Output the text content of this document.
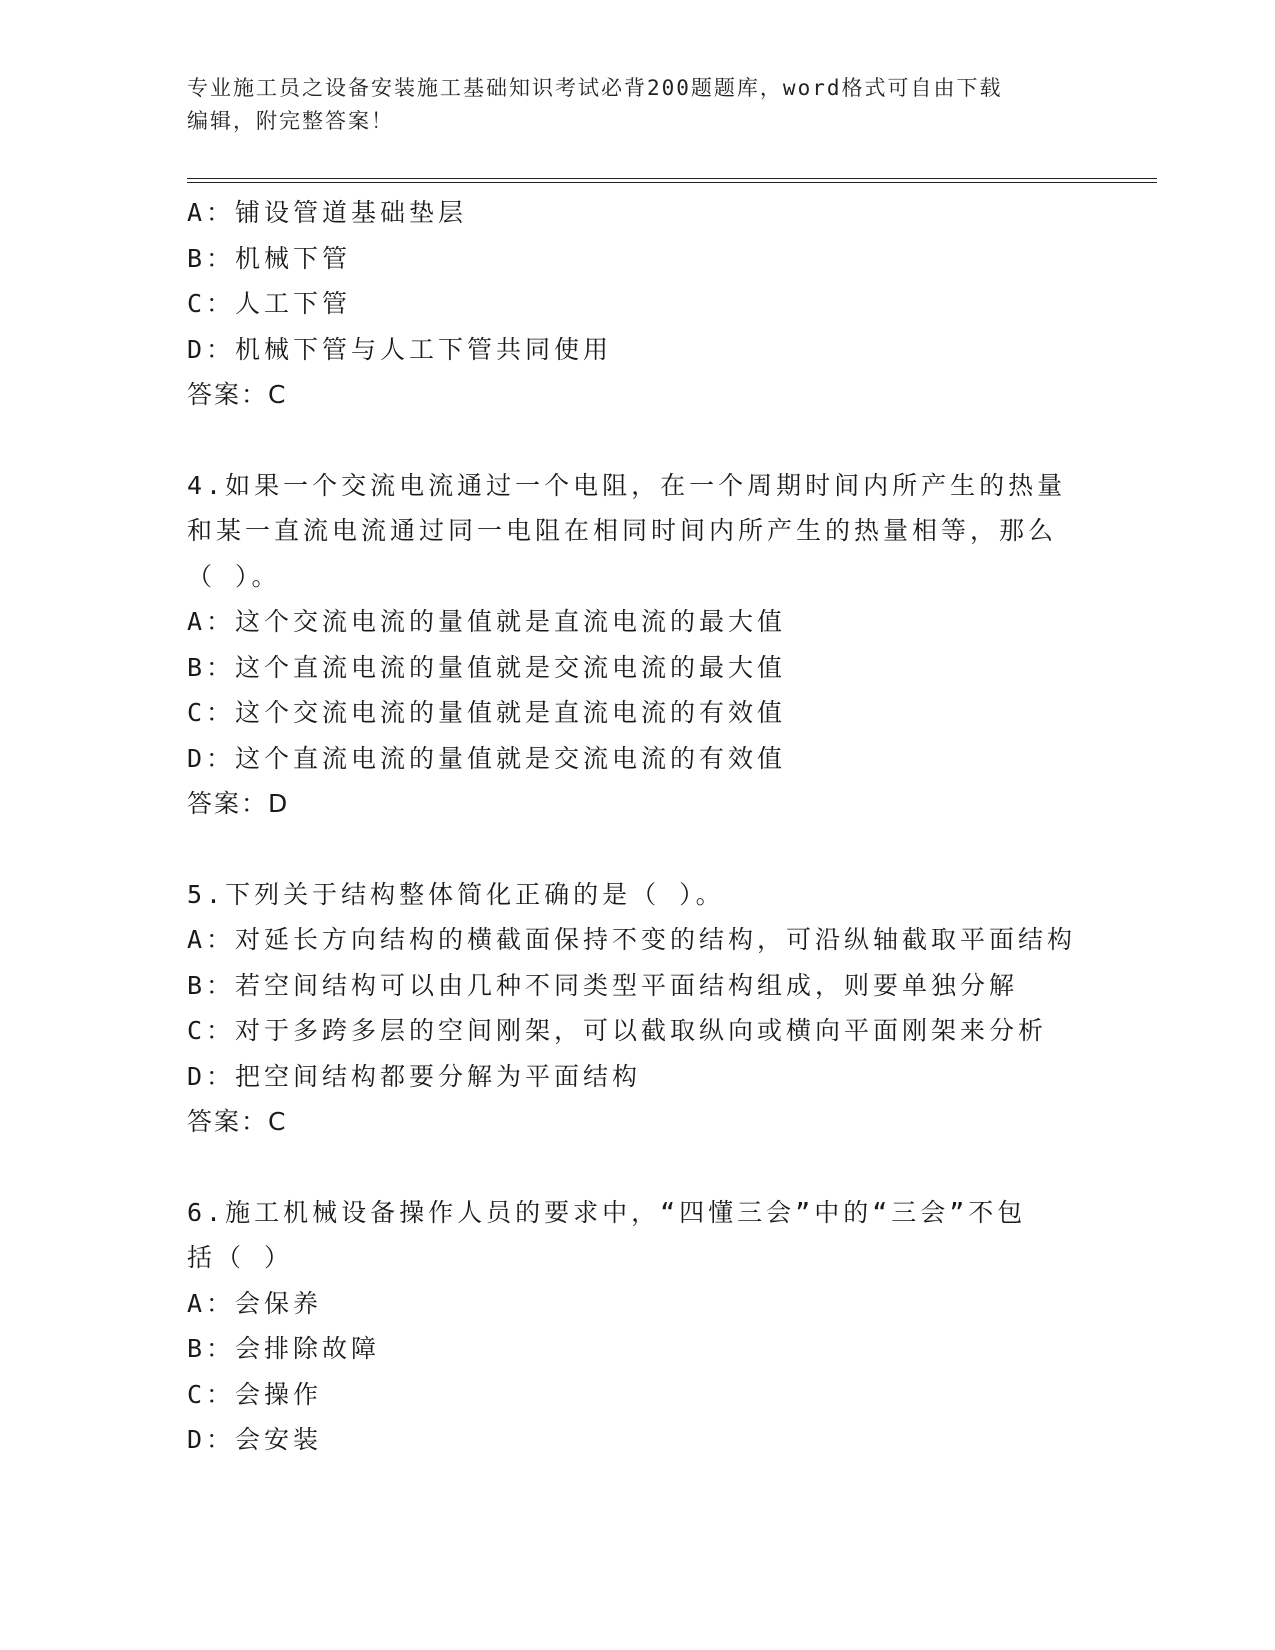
专业施工员之设备安装施工基础知识考试必背200题题库，word格式可自由下载
编辑，附完整答案！
A：铺设管道基础垫层
B：机械下管
C：人工下管
D：机械下管与人工下管共同使用
答案：C
4.如果一个交流电流通过一个电阻，在一个周期时间内所产生的热量
和某一直流电流通过同一电阻在相同时间内所产生的热量相等，那么
（ ）。
A：这个交流电流的量值就是直流电流的最大值
B：这个直流电流的量值就是交流电流的最大值
C：这个交流电流的量值就是直流电流的有效值
D：这个直流电流的量值就是交流电流的有效值
答案：D
5.下列关于结构整体简化正确的是（ ）。
A：对延长方向结构的横截面保持不变的结构，可沿纵轴截取平面结构
B：若空间结构可以由几种不同类型平面结构组成，则要单独分解
C：对于多跨多层的空间刚架，可以截取纵向或横向平面刚架来分析
D：把空间结构都要分解为平面结构
答案：C
6.施工机械设备操作人员的要求中，“四懂三会”中的“三会”不包
括（ ）
A：会保养
B：会排除故障
C：会操作
D：会安装
